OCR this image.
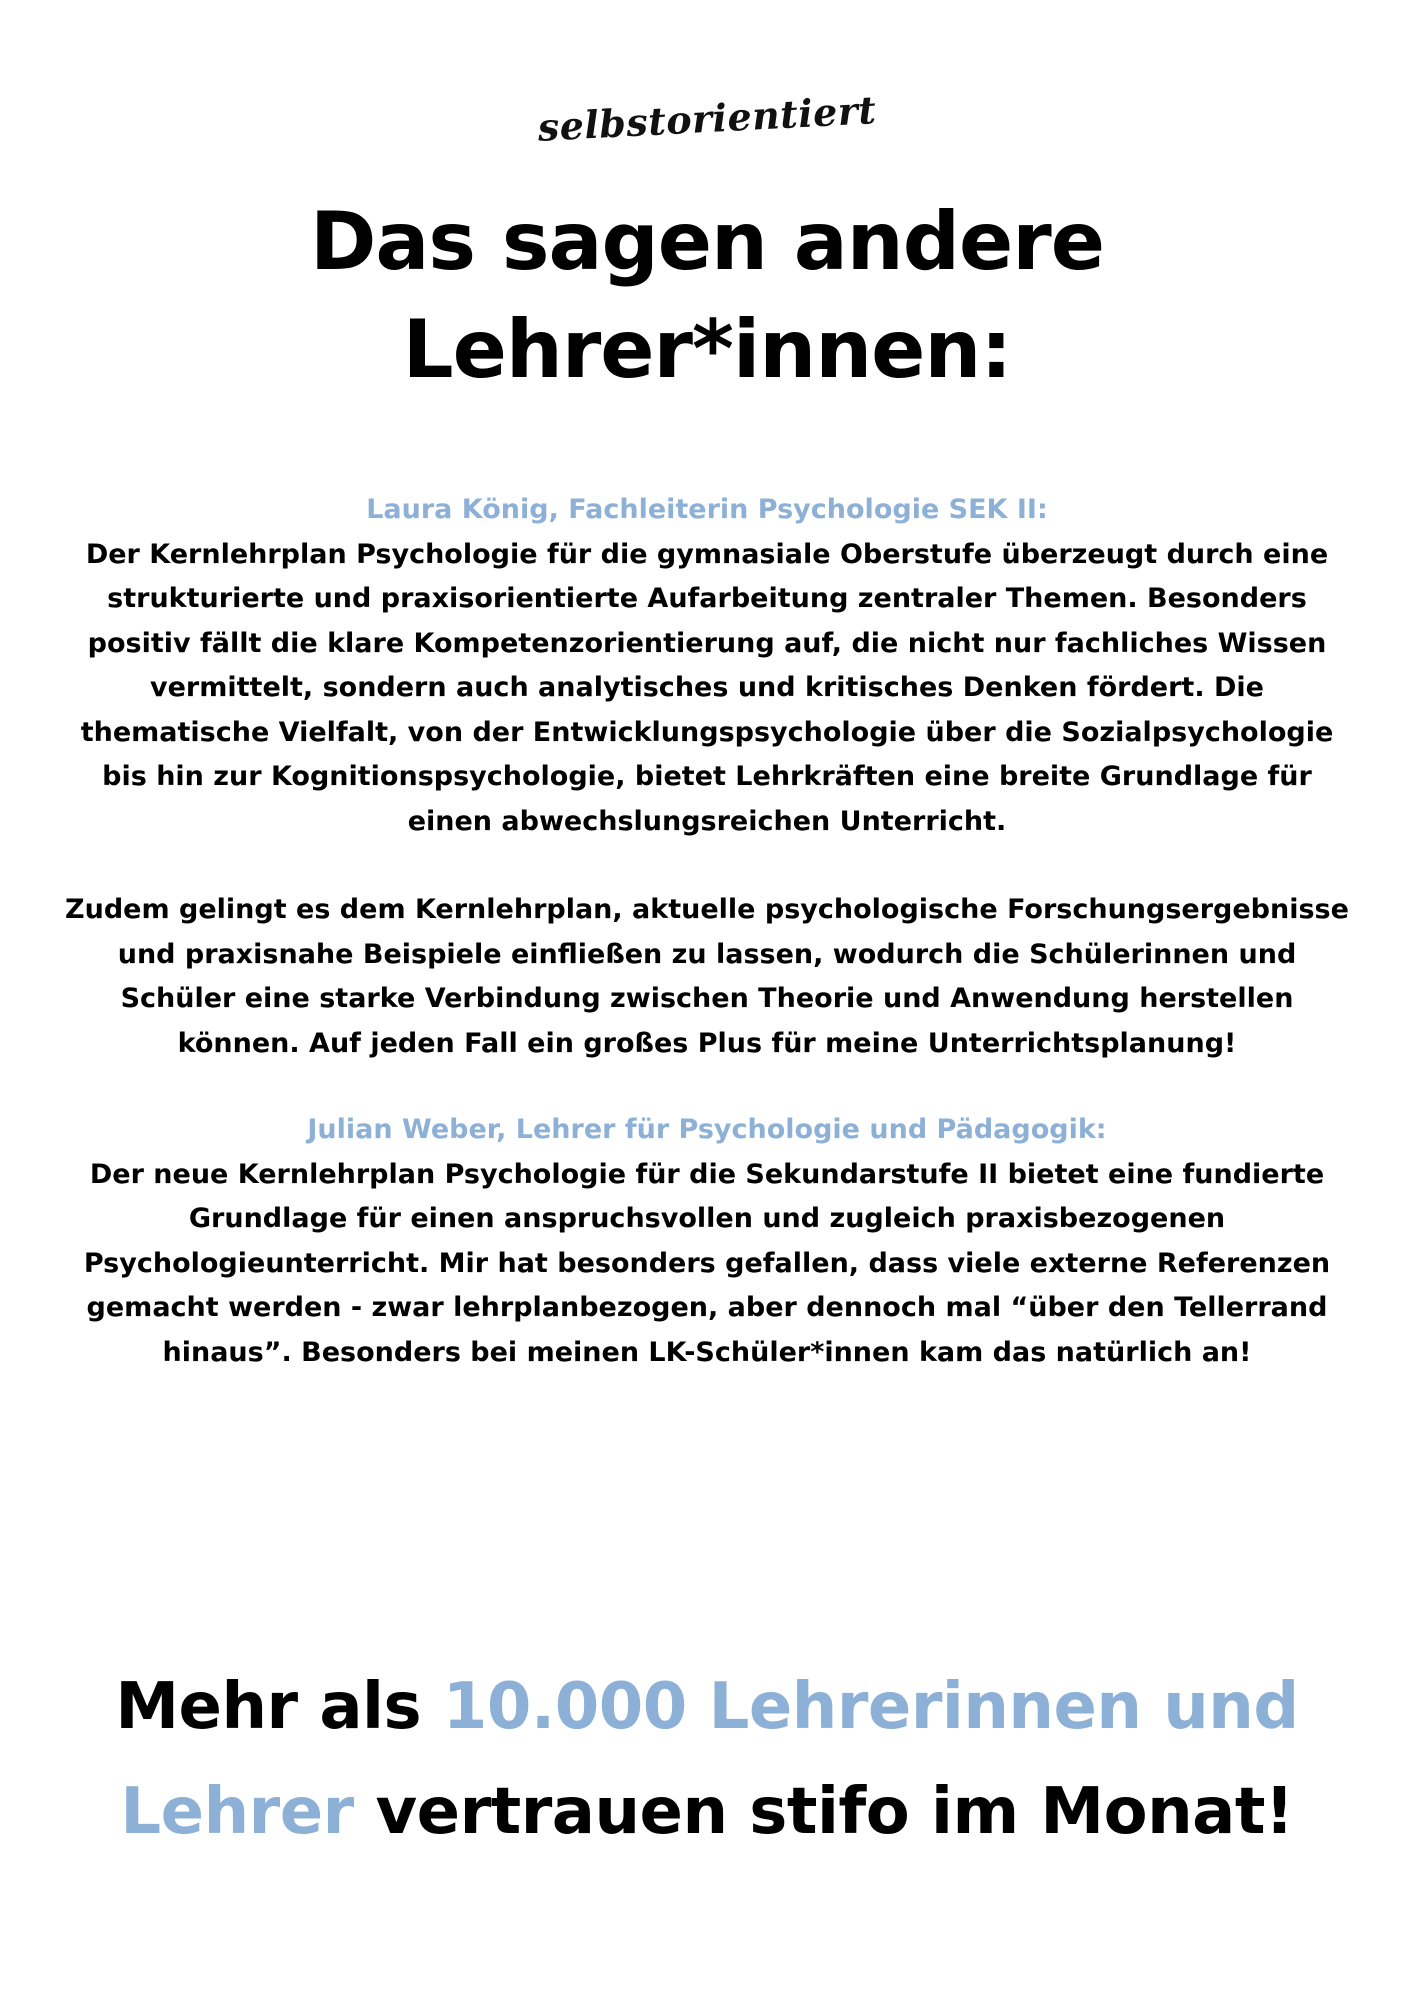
selbstorientiert
Das sagen andere
Lehrer*innen:
Laura König, Fachleiterin Psychologie SEK II:

Der Kernlehrplan Psychologie für die gymnasiale Oberstufe überzeugt durch eine strukturierte und praxisorientierte Aufarbeitung zentraler Themen. Besonders positiv fällt die klare Kompetenzorientierung auf, die nicht nur fachliches Wissen vermittelt, sondern auch analytisches und kritisches Denken fördert. Die thematische Vielfalt, von der Entwicklungspsychologie über die Sozialpsychologie bis hin zur Kognitionspsychologie, bietet Lehrkräften eine breite Grundlage für einen abwechslungsreichen Unterricht.

Zudem gelingt es dem Kernlehrplan, aktuelle psychologische Forschungsergebnisse und praxisnahe Beispiele einfließen zu lassen, wodurch die Schülerinnen und Schüler eine starke Verbindung zwischen Theorie und Anwendung herstellen können. Auf jeden Fall ein großes Plus für meine Unterrichtsplanung!

Julian Weber, Lehrer für Psychologie und Pädagogik:

Der neue Kernlehrplan Psychologie für die Sekundarstufe II bietet eine fundierte Grundlage für einen anspruchsvollen und zugleich praxisbezogenen Psychologieunterricht. Mir hat besonders gefallen, dass viele externe Referenzen gemacht werden - zwar lehrplanbezogen, aber dennoch mal “über den Tellerrand hinaus”. Besonders bei meinen LK-Schüler*innen kam das natürlich an!

Mehr als 10.000 Lehrerinnen und Lehrer vertrauen stifo im Monat!
